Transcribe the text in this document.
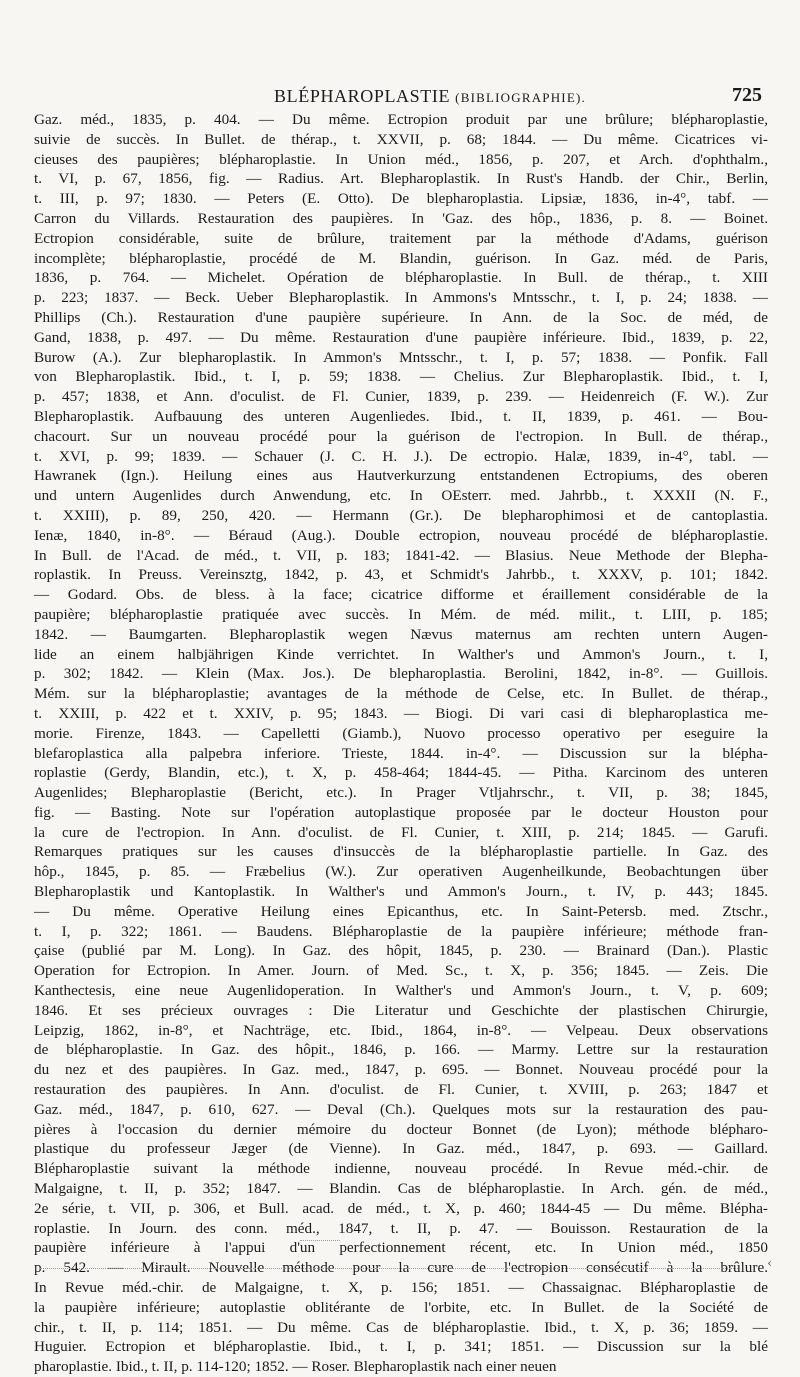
BLÉPHAROPLASTIE (BIBLIOGRAPHIE).	725
Gaz. méd., 1835, p. 404. — Du même. Ectropion produit par une brûlure; blépharoplastie,
suivie de succès. In Bullet. de thérap., t. XXVII, p. 68; 1844. — Du même. Cicatrices vi-
cieuses des paupières; blépharoplastie. In Union méd., 1856, p. 207, et Arch. d'ophthalm.,
t. VI, p. 67, 1856, fig. — Radius. Art. Blepharoplastik. In Rust's Handb. der Chir., Berlin,
t. III, p. 97; 1830. — Peters (E. Otto). De blepharoplastia. Lipsiæ, 1836, in-4°, tabf. —
Carron du Villards. Restauration des paupières. In 'Gaz. des hôp., 1836, p. 8. — Boinet.
Ectropion considérable, suite de brûlure, traitement par la méthode d'Adams, guérison
incomplète; blépharoplastie, procédé de M. Blandin, guérison. In Gaz. méd. de Paris,
1836, p. 764. — Michelet. Opération de blépharoplastie. In Bull. de thérap., t. XIII
p. 223; 1837. — Beck. Ueber Blepharoplastik. In Ammons's Mntsschr., t. I, p. 24; 1838. —
Phillips (Ch.). Restauration d'une paupière supérieure. In Ann. de la Soc. de méd, de
Gand, 1838, p. 497. — Du même. Restauration d'une paupière inférieure. Ibid., 1839, p. 22,
Burow (A.). Zur blepharoplastik. In Ammon's Mntsschr., t. I, p. 57; 1838. — Ponfik. Fall
von Blepharoplastik. Ibid., t. I, p. 59; 1838. — Chelius. Zur Blepharoplastik. Ibid., t. I,
p. 457; 1838, et Ann. d'oculist. de Fl. Cunier, 1839, p. 239. — Heidenreich (F. W.). Zur
Blepharoplastik. Aufbauung des unteren Augenliedes. Ibid., t. II, 1839, p. 461. — Bou-
chacourt. Sur un nouveau procédé pour la guérison de l'ectropion. In Bull. de thérap.,
t. XVI, p. 99; 1839. — Schauer (J. C. H. J.). De ectropio. Halæ, 1839, in-4°, tabl. —
Hawranek (Ign.). Heilung eines aus Hautverkurzung entstandenen Ectropiums, des oberen
und untern Augenlides durch Anwendung, etc. In OEsterr. med. Jahrbb., t. XXXII (N. F.,
t. XXIII), p. 89, 250, 420. — Hermann (Gr.). De blepharophimosi et de cantoplastia.
Ienæ, 1840, in-8°. — Béraud (Aug.). Double ectropion, nouveau procédé de blépharoplastie.
In Bull. de l'Acad. de méd., t. VII, p. 183; 1841-42. — Blasius. Neue Methode der Blepha-
roplastik. In Preuss. Vereinsztg, 1842, p. 43, et Schmidt's Jahrbb., t. XXXV, p. 101; 1842.
— Godard. Obs. de bless. à la face; cicatrice difforme et éraillement considérable de la
paupière; blépharoplastie pratiquée avec succès. In Mém. de méd. milit., t. LIII, p. 185;
1842. — Baumgarten. Blepharoplastik wegen Nævus maternus am rechten untern Augen-
lide an einem halbjährigen Kinde verrichtet. In Walther's und Ammon's Journ., t. I,
p. 302; 1842. — Klein (Max. Jos.). De blepharoplastia. Berolini, 1842, in-8°. — Guillois.
Mém. sur la blépharoplastie; avantages de la méthode de Celse, etc. In Bullet. de thérap.,
t. XXIII, p. 422 et t. XXIV, p. 95; 1843. — Biogi. Di vari casi di blepharoplastica me-
morie. Firenze, 1843. — Capelletti (Giamb.), Nuovo processo operativo per eseguire la
blefaroplastica alla palpebra inferiore. Trieste, 1844. in-4°. — Discussion sur la blépha-
roplastie (Gerdy, Blandin, etc.), t. X, p. 458-464; 1844-45. — Pitha. Karcinom des unteren
Augenlides; Blepharoplastie (Bericht, etc.). In Prager Vtljahrschr., t. VII, p. 38; 1845,
fig. — Basting. Note sur l'opération autoplastique proposée par le docteur Houston pour
la cure de l'ectropion. In Ann. d'oculist. de Fl. Cunier, t. XIII, p. 214; 1845. — Garufi.
Remarques pratiques sur les causes d'insuccès de la blépharoplastie partielle. In Gaz. des
hôp., 1845, p. 85. — Fræbelius (W.). Zur operativen Augenheilkunde, Beobachtungen über
Blepharoplastik und Kantoplastik. In Walther's und Ammon's Journ., t. IV, p. 443; 1845.
— Du même. Operative Heilung eines Epicanthus, etc. In Saint-Petersb. med. Ztschr.,
t. I, p. 322; 1861. — Baudens. Blépharoplastie de la paupière inférieure; méthode fran-
çaise (publié par M. Long). In Gaz. des hôpit, 1845, p. 230. — Brainard (Dan.). Plastic
Operation for Ectropion. In Amer. Journ. of Med. Sc., t. X, p. 356; 1845. — Zeis. Die
Kanthectesis, eine neue Augenlidoperation. In Walther's und Ammon's Journ., t. V, p. 609;
1846. Et ses précieux ouvrages : Die Literatur und Geschichte der plastischen Chirurgie,
Leipzig, 1862, in-8°, et Nachträge, etc. Ibid., 1864, in-8°. — Velpeau. Deux observations
de blépharoplastie. In Gaz. des hôpit., 1846, p. 166. — Marmy. Lettre sur la restauration
du nez et des paupières. In Gaz. med., 1847, p. 695. — Bonnet. Nouveau procédé pour la
restauration des paupières. In Ann. d'oculist. de Fl. Cunier, t. XVIII, p. 263; 1847 et
Gaz. méd., 1847, p. 610, 627. — Deval (Ch.). Quelques mots sur la restauration des pau-
pières à l'occasion du dernier mémoire du docteur Bonnet (de Lyon); méthode blépharo-
plastique du professeur Jæger (de Vienne). In Gaz. méd., 1847, p. 693. — Gaillard.
Blépharoplastie suivant la méthode indienne, nouveau procédé. In Revue méd.-chir. de
Malgaigne, t. II, p. 352; 1847. — Blandin. Cas de blépharoplastie. In Arch. gén. de méd.,
2e série, t. VII, p. 306, et Bull. acad. de méd., t. X, p. 460; 1844-45 — Du même. Blépha-
roplastie. In Journ. des conn. méd., 1847, t. II, p. 47. — Bouisson. Restauration de la
paupière inférieure à l'appui d'un perfectionnement récent, etc. In Union méd., 1850
p. 542. — Mirault. Nouvelle méthode pour la cure de l'ectropion consécutif à la brûlure.
In Revue méd.-chir. de Malgaigne, t. X, p. 156; 1851. — Chassaignac. Blépharoplastie de
la paupière inférieure; autoplastie oblitérante de l'orbite, etc. In Bullet. de la Société de
chir., t. II, p. 114; 1851. — Du même. Cas de blépharoplastie. Ibid., t. X, p. 36; 1859. —
Huguier. Ectropion et blépharoplastie. Ibid., t. I, p. 341; 1851. — Discussion sur la blé
pharoplastie. Ibid., t. II, p. 114-120; 1852. — Roser. Blepharoplastik nach einer neuen
‹
